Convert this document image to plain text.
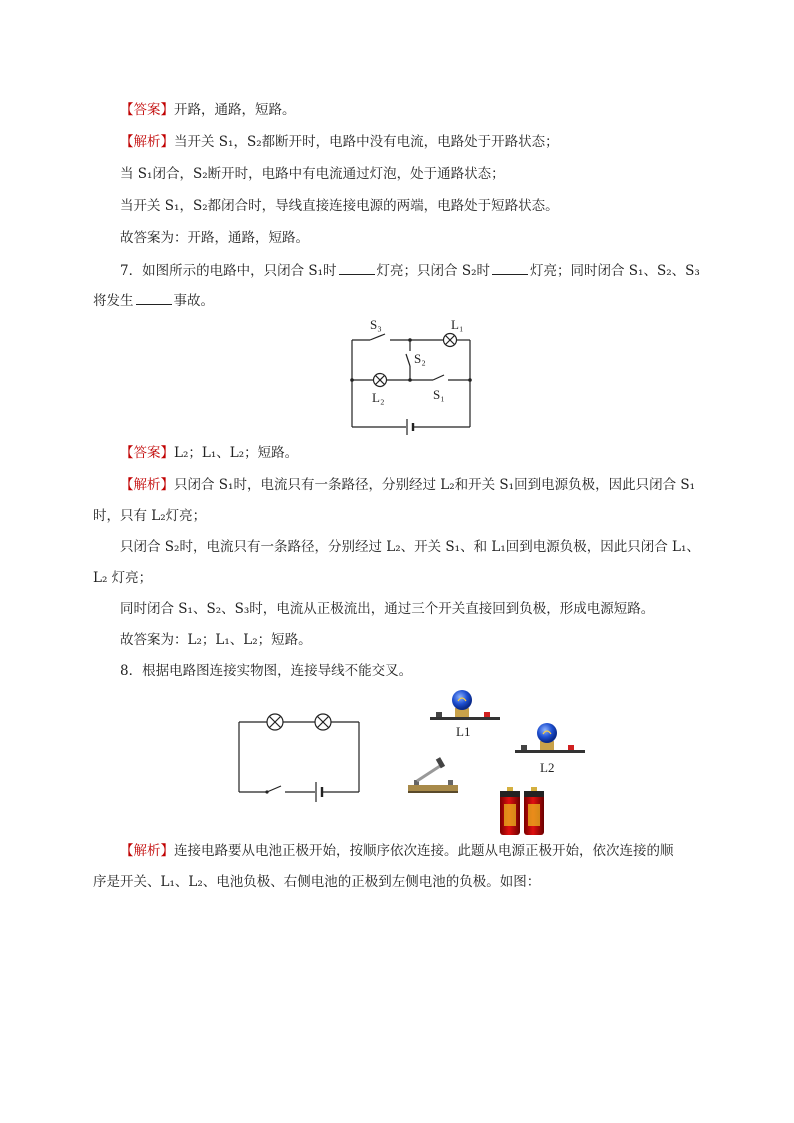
【答案】开路，通路，短路。
【解析】当开关 S₁，S₂都断开时，电路中没有电流，电路处于开路状态；
当 S₁闭合，S₂断开时，电路中有电流通过灯泡，处于通路状态；
当开关 S₁，S₂都闭合时，导线直接连接电源的两端，电路处于短路状态。
故答案为：开路，通路，短路。
7．如图所示的电路中，只闭合 S₁时	灯亮；只闭合 S₂时	灯亮；同时闭合 S₁、S₂、S₃
将发生	事故。
S₃	L₁
S₂
L₂	S₁
【答案】L₂；L₁、L₂；短路。
【解析】只闭合 S₁时，电流只有一条路径，分别经过 L₂和开关 S₁回到电源负极，因此只闭合 S₁
时，只有 L₂灯亮；
只闭合 S₂时，电流只有一条路径，分别经过 L₂、开关 S₁、和 L₁回到电源负极，因此只闭合 L₁、
L₂ 灯亮；
同时闭合 S₁、S₂、S₃时，电流从正极流出，通过三个开关直接回到负极，形成电源短路。
故答案为：L₂；L₁、L₂；短路。
8．根据电路图连接实物图，连接导线不能交叉。
L1
L2
【解析】连接电路要从电池正极开始，按顺序依次连接。此题从电源正极开始，依次连接的顺
序是开关、L₁、L₂、电池负极、右侧电池的正极到左侧电池的负极。如图：
